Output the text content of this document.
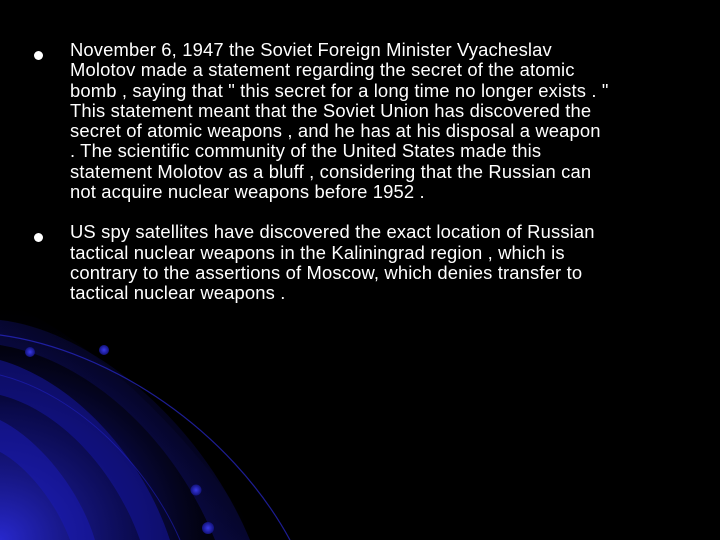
November 6, 1947 the Soviet Foreign Minister Vyacheslav
Molotov made a statement regarding the secret of the atomic
bomb , saying that " this secret for a long time no longer exists . "
This statement meant that the Soviet Union has discovered the
secret of atomic weapons , and he has at his disposal a weapon
. The scientific community of the United States made this
statement Molotov as a bluff , considering that the Russian can
not acquire nuclear weapons before 1952 .
US spy satellites have discovered the exact location of Russian
tactical nuclear weapons in the Kaliningrad region , which is
contrary to the assertions of Moscow, which denies transfer to
tactical nuclear weapons .
